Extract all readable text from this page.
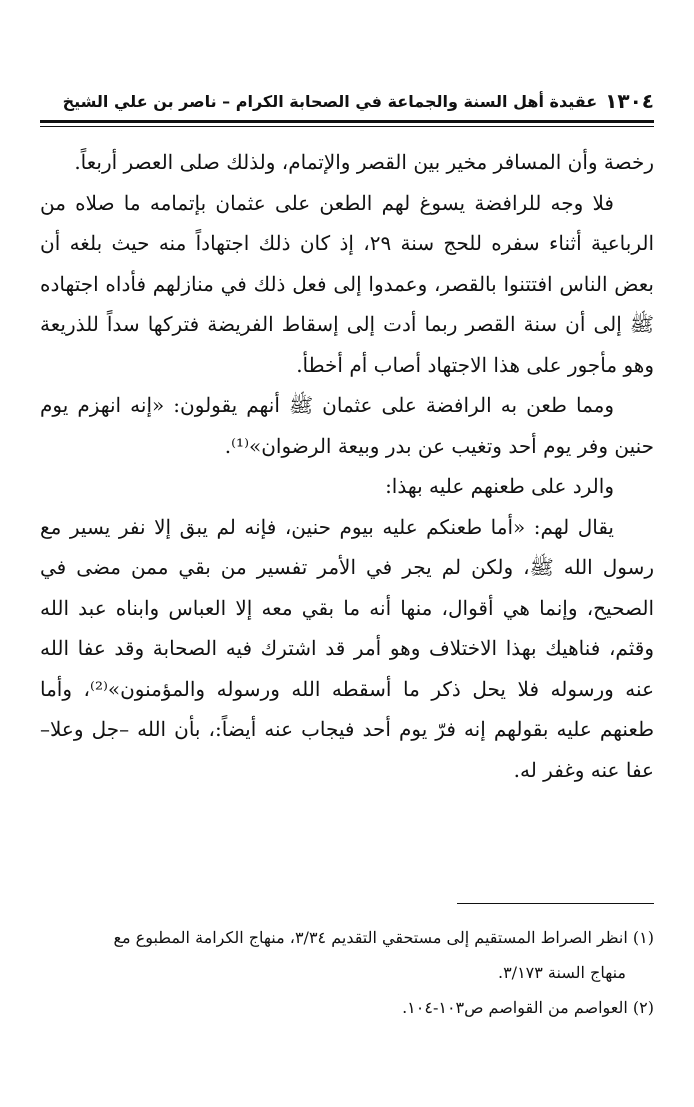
١٣٠٤
عقيدة أهل السنة والجماعة في الصحابة الكرام – ناصر بن علي الشيخ

رخصة وأن المسافر مخير بين القصر والإتمام، ولذلك صلى العصر أربعاً.

فلا وجه للرافضة يسوغ لهم الطعن على عثمان بإتمامه ما صلاه من الرباعية أثناء سفره للحج سنة ٢٩، إذ كان ذلك اجتهاداً منه حيث بلغه أن بعض الناس افتتنوا بالقصر، وعمدوا إلى فعل ذلك في منازلهم فأداه اجتهاده ﷺ إلى أن سنة القصر ربما أدت إلى إسقاط الفريضة فتركها سداً للذريعة وهو مأجور على هذا الاجتهاد أصاب أم أخطأ.

ومما طعن به الرافضة على عثمان ﷺ أنهم يقولون: «إنه انهزم يوم حنين وفر يوم أحد وتغيب عن بدر وبيعة الرضوان»⁽¹⁾.

والرد على طعنهم عليه بهذا:

يقال لهم: «أما طعنكم عليه بيوم حنين، فإنه لم يبق إلا نفر يسير مع رسول الله ﷺ، ولكن لم يجر في الأمر تفسير من بقي ممن مضى في الصحيح، وإنما هي أقوال، منها أنه ما بقي معه إلا العباس وابناه عبد الله وقثم، فناهيك بهذا الاختلاف وهو أمر قد اشترك فيه الصحابة وقد عفا الله عنه ورسوله فلا يحل ذكر ما أسقطه الله ورسوله والمؤمنون»⁽²⁾، وأما طعنهم عليه بقولهم إنه فرّ يوم أحد فيجاب عنه أيضاً:، بأن الله –جل وعلا– عفا عنه وغفر له.

(١) انظر الصراط المستقيم إلى مستحقي التقديم ٣/٣٤، منهاج الكرامة المطبوع مع

منهاج السنة ٣/١٧٣.

(٢) العواصم من القواصم ص١٠٣-١٠٤.
